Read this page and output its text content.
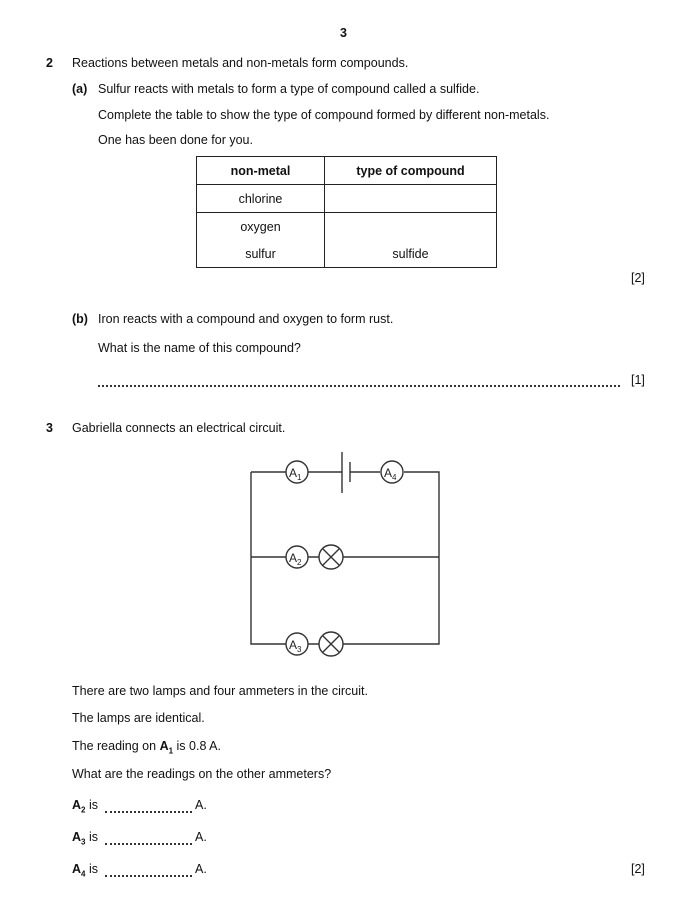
3
2 Reactions between metals and non-metals form compounds.
(a) Sulfur reacts with metals to form a type of compound called a sulfide.
Complete the table to show the type of compound formed by different non-metals.
One has been done for you.
non-metal	type of compound
chlorine	
oxygen	
sulfur	sulfide
[2]
(b) Iron reacts with a compound and oxygen to form rust.
What is the name of this compound?
[1]
3 Gabriella connects an electrical circuit.
$A_1$
$A_2$
$A_3$
$A_4$
There are two lamps and four ammeters in the circuit.
The lamps are identical.
The reading on $A_1$ is 0.8 A.
What are the readings on the other ammeters?
$A_2$ is	A.
$A_3$ is	A.
$A_4$ is	A.	[2]
